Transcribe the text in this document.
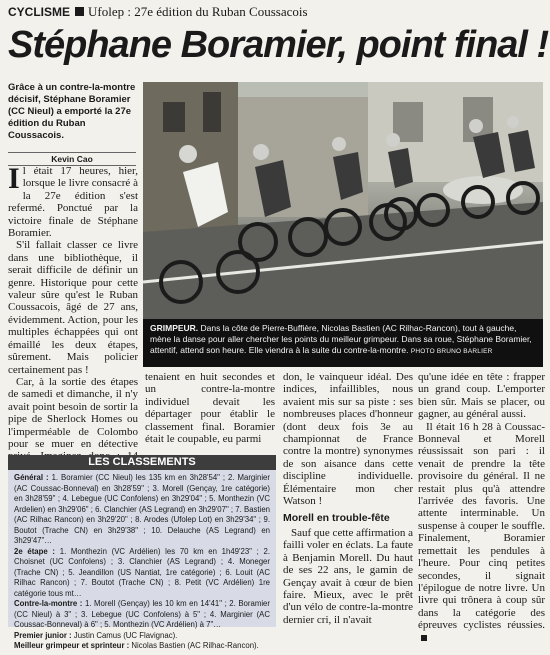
CYCLISME Ufolep : 27e édition du Ruban Coussacois
Stéphane Boramier, point final !
Grâce à un contre-la-montre décisif, Stéphane Boramier (CC Nieul) a emporté la 27e édition du Ruban Coussacois.
Kevin Cao
GRIMPEUR. Dans la côte de Pierre-Buffière, Nicolas Bastien (AC Rilhac-Rancon), tout à gauche, mène la danse pour aller chercher les points du meilleur grimpeur. Dans sa roue, Stéphane Boramier, attentif, attend son heure. Elle viendra à la suite du contre-la-montre. PHOTO BRUNO BARLIER

Il était 17 heures, hier, lorsque le livre consacré à la 27e édition s'est refermé. Ponctué par la victoire finale de Stéphane Boramier.

S'il fallait classer ce livre dans une bibliothèque, il serait difficile de définir un genre. Historique pour cette valeur sûre qu'est le Ruban Coussacois, âgé de 27 ans, évidemment. Action, pour les multiples échappées qui ont émaillé les deux étapes, sûrement. Mais policier certainement pas !

Car, à la sortie des étapes de samedi et dimanche, il n'y avait point besoin de sortir la pipe de Sherlock Homes ou l'imperméable de Colombo pour se muer en détective

tenaient en huit secondes et un contre-la-montre individuel devait les départager pour établir le classement final. Boramier était le coupable, eu parmi

don, le vainqueur idéal. Des indices, infaillibles, nous avaient mis sur sa piste : ses nombreuses places d'honneur (dont deux fois 3e au championnat de France contre la montre) synonymes de son aisance dans cette discipline individuelle. Élémentaire mon cher Watson !

Morell en trouble-fête

Sauf que cette affirmation a failli voler en éclats. La faute à Benjamin Morell. Du haut de ses 22 ans, le gamin de Gençay avait à cœur de bien faire. Mieux, avec le prêt d'un vélo de contre-la-montre dernier cri, il n'avait

qu'une idée en tête : frapper un grand coup. L'emporter bien sûr. Mais se placer, ou gagner, au général aussi.

Il était 16 h 28 à Coussac-Bonneval et Morell réussissait son pari : il venait de prendre la tête provisoire du général. Il ne restait plus qu'à attendre l'arrivée des favoris. Une attente interminable. Un suspense à couper le souffle. Finalement, Boramier remettait les pendules à l'heure. Pour cinq petites secondes, il signait l'épilogue de notre livre. Un livre qui trônera à coup sûr dans la catégorie des épreuves cyclistes réussies.

LES CLASSEMENTS
Général : 1. Boramier (CC Nieul) les 135 km en 3h28'54" ; 2. Marginier (AC Coussac-Bonneval) en 3h28'59" ; 3. Morell (Gençay, 1re catégorie) en 3h28'59" ; 4. Lebegue (UC Confolens) en 3h29'04" ; 5. Monthezin (VC Ardelien) en 3h29'06" ; 6. Clanchier (AS Legrand) en 3h29'07" ; 7. Bastien (AC Rilhac Rancon) en 3h29'20" ; 8. Arodes (Ufolep Lot) en 3h29'34" ; 9. Boutot (Trache CN) en 3h29'38" ; 10. Delauche (AS Legrand) en 3h29'47"…
2e étape : 1. Monthezin (VC Ardélien) les 70 km en 1h49'23" ; 2. Choisnet (UC Confolens) ; 3. Clanchier (AS Legrand) ; 4. Moneger (Trache CN) ; 5. Jeandillon (US Nantiat, 1re catégorie) ; 6. Louit (AC Rilhac Rancon) ; 7. Boutot (Trache CN) ; 8. Petit (VC Ardélien) 1re catégorie tous mt…
Contre-la-montre : 1. Morell (Gençay) les 10 km en 14'41" ; 2. Boramier (CC Nieul) à 3" ; 3. Lebegue (UC Confolens) à 5" ; 4. Marginier (AC Coussac-Bonneval) à 6" ; 5. Monthezin (VC Ardélien) à 7"…
Premier junior : Justin Camus (UC Flavignac).
Meilleur grimpeur et sprinteur : Nicolas Bastien (AC Rilhac-Rancon).
